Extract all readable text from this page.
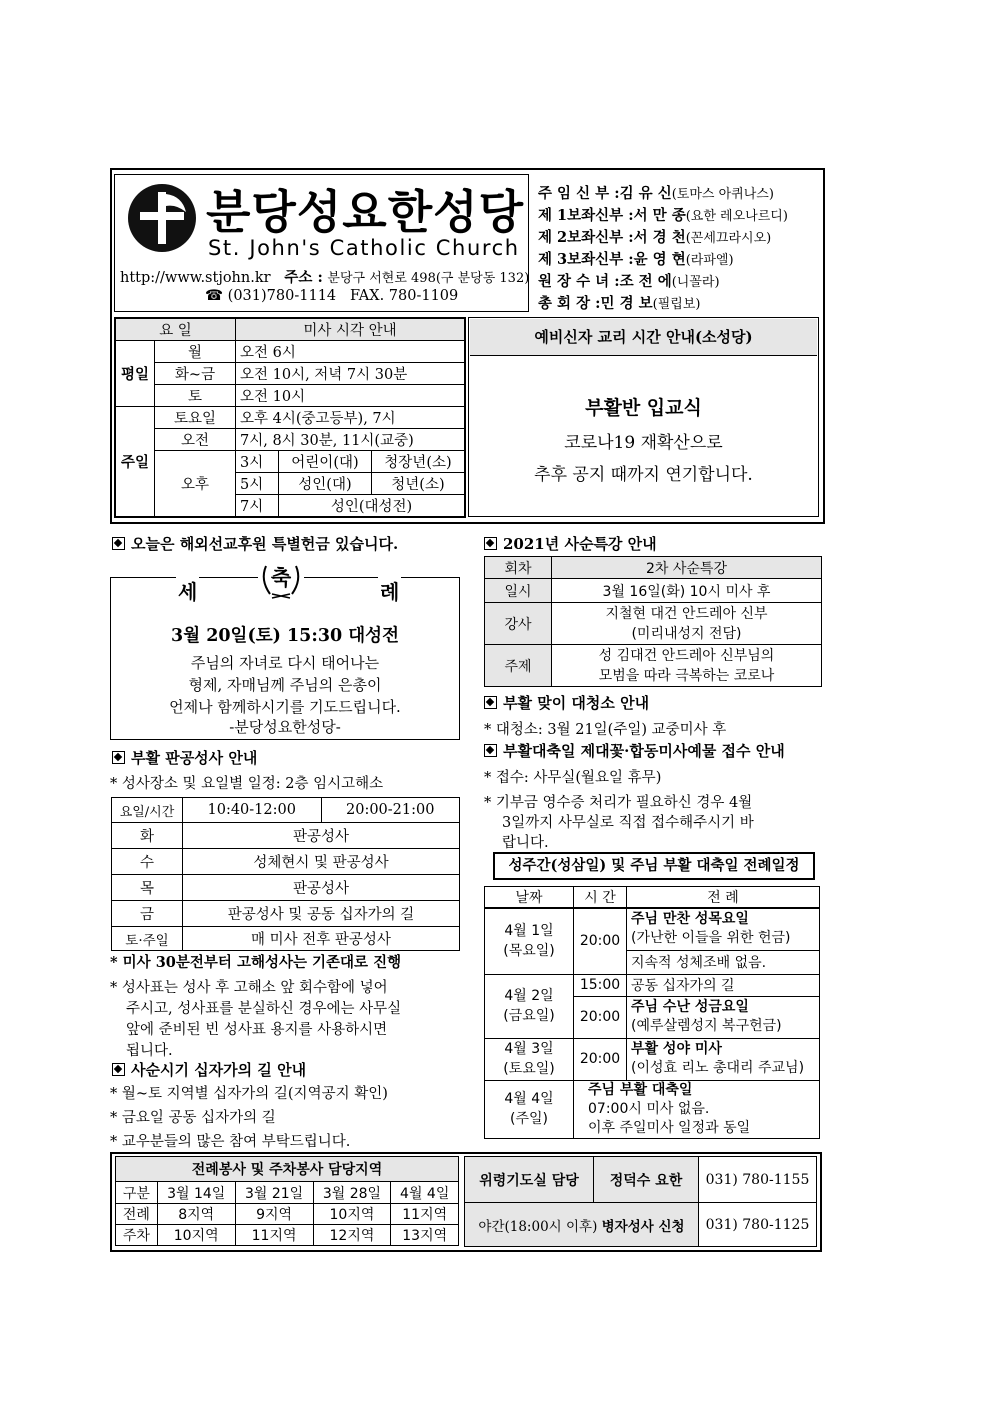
분당성요한성당
St. John's Catholic Church
http://www.stjohn.kr 주소 : 분당구 서현로 498(구 분당동 132)
☎ (031)780-1114 FAX. 780-1109
주 임 신 부 :김 유 신(토마스 아퀴나스)
제 1보좌신부 :서 만 종(요한 레오나르디)
제 2보좌신부 :서 경 천(꼰세끄라시오)
제 3보좌신부 :윤 영 현(라파엘)
원 장 수 녀 :조 전 에(니꼴라)
총 회 장 :민 경 보(필립보)
요 일		미사 시각 안내		
평일	월	오전 6시		
	화~금	오전 10시, 저녁 7시 30분		
	토	오전 10시		
주일	토요일	오후 4시(중고등부), 7시		
	오전	7시, 8시 30분, 11시(교중)		
	오후	3시	어린이(대)	청장년(소)
		5시	성인(대)	청년(소)
		7시	성인(대성전)	
예비신자 교리 시간 안내(소성당)
부활반 입교식
코로나19 재확산으로
추후 공지 때까지 연기합니다.
오늘은 해외선교후원 특별헌금 있습니다.
세	례
축
3월 20일(토) 15:30 대성전
주님의 자녀로 다시 태어나는
형제, 자매님께 주님의 은총이
언제나 함께하시기를 기도드립니다.
-분당성요한성당-
부활 판공성사 안내
* 성사장소 및 요일별 일정: 2층 임시고해소
요일/시간	10:40-12:00	20:00-21:00
화	판공성사	
수	성체현시 및 판공성사	
목	판공성사	
금	판공성사 및 공동 십자가의 길	
토·주일	매 미사 전후 판공성사	
* 미사 30분전부터 고해성사는 기존대로 진행
* 성사표는 성사 후 고해소 앞 회수함에 넣어
주시고, 성사표를 분실하신 경우에는 사무실
앞에 준비된 빈 성사표 용지를 사용하시면
됩니다.
사순시기 십자가의 길 안내
* 월~토 지역별 십자가의 길(지역공지 확인)
* 금요일 공동 십자가의 길
* 교우분들의 많은 참여 부탁드립니다.
2021년 사순특강 안내
회차	2차 사순특강
일시	3월 16일(화) 10시 미사 후
강사	지철현 대건 안드레아 신부
(미리내성지 전담)
주제	성 김대건 안드레아 신부님의
모범을 따라 극복하는 코로나
부활 맞이 대청소 안내
* 대청소: 3월 21일(주일) 교중미사 후
부활대축일 제대꽃·합동미사예물 접수 안내
* 접수: 사무실(월요일 휴무)
* 기부금 영수증 처리가 필요하신 경우 4월
3일까지 사무실로 직접 접수해주시기 바
랍니다.
성주간(성삼일) 및 주님 부활 대축일 전례일정
날짜	시 간	전 례
4월 1일
(목요일)	20:00	주님 만찬 성목요일
(가난한 이들을 위한 헌금)
		지속적 성체조배 없음.
4월 2일
(금요일)	15:00	공동 십자가의 길
	20:00	주님 수난 성금요일
(예루살렘성지 복구헌금)
4월 3일
(토요일)	20:00	부활 성야 미사
(이성효 리노 총대리 주교님)
4월 4일
(주일)	주님 부활 대축일
07:00시 미사 없음.
이후 주일미사 일정과 동일	
전례봉사 및 주차봉사 담당지역				
구분	3월 14일	3월 21일	3월 28일	4월 4일
전례	8지역	9지역	10지역	11지역
주차	10지역	11지역	12지역	13지역
위령기도실 담당	정덕수 요한	031) 780-1155
야간(18:00시 이후) 병자성사 신청		031) 780-1125
